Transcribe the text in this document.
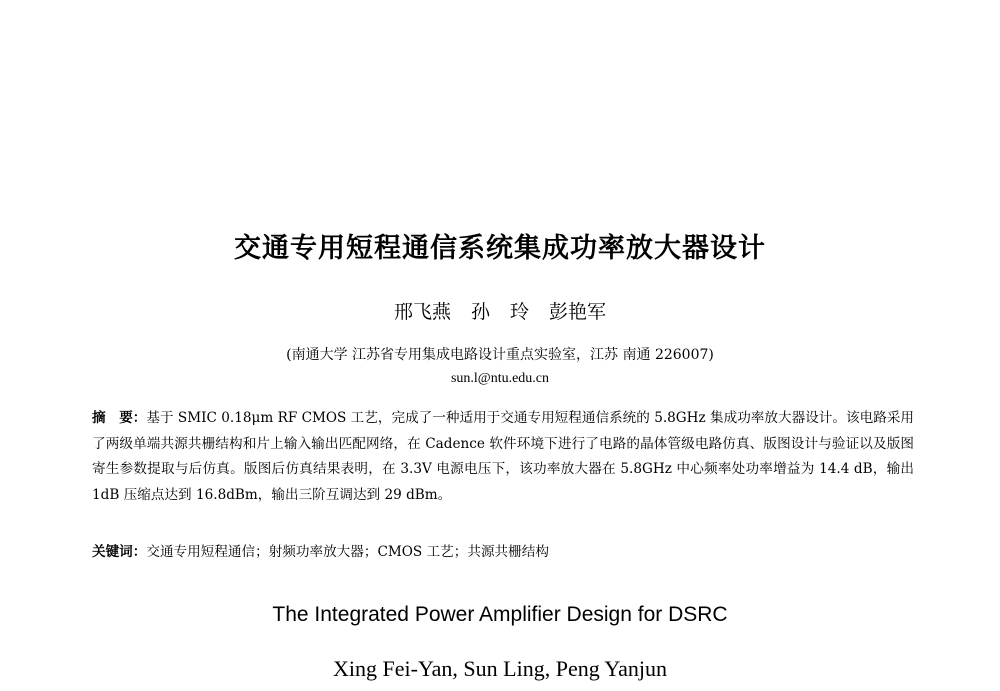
交通专用短程通信系统集成功率放大器设计
邢飞燕 孙 玲 彭艳军
(南通大学 江苏省专用集成电路设计重点实验室，江苏 南通 226007)
sun.l@ntu.edu.cn
摘　要：基于 SMIC 0.18μm RF CMOS 工艺，完成了一种适用于交通专用短程通信系统的 5.8GHz 集成功率放大器设计。该电路采用了两级单端共源共栅结构和片上输入输出匹配网络，在 Cadence 软件环境下进行了电路的晶体管级电路仿真、版图设计与验证以及版图寄生参数提取与后仿真。版图后仿真结果表明，在 3.3V 电源电压下，该功率放大器在 5.8GHz 中心频率处功率增益为 14.4 dB，输出 1dB 压缩点达到 16.8dBm，输出三阶互调达到 29 dBm。
关键词：交通专用短程通信；射频功率放大器；CMOS 工艺；共源共栅结构
The Integrated Power Amplifier Design for DSRC
Xing Fei-Yan, Sun Ling, Peng Yanjun
